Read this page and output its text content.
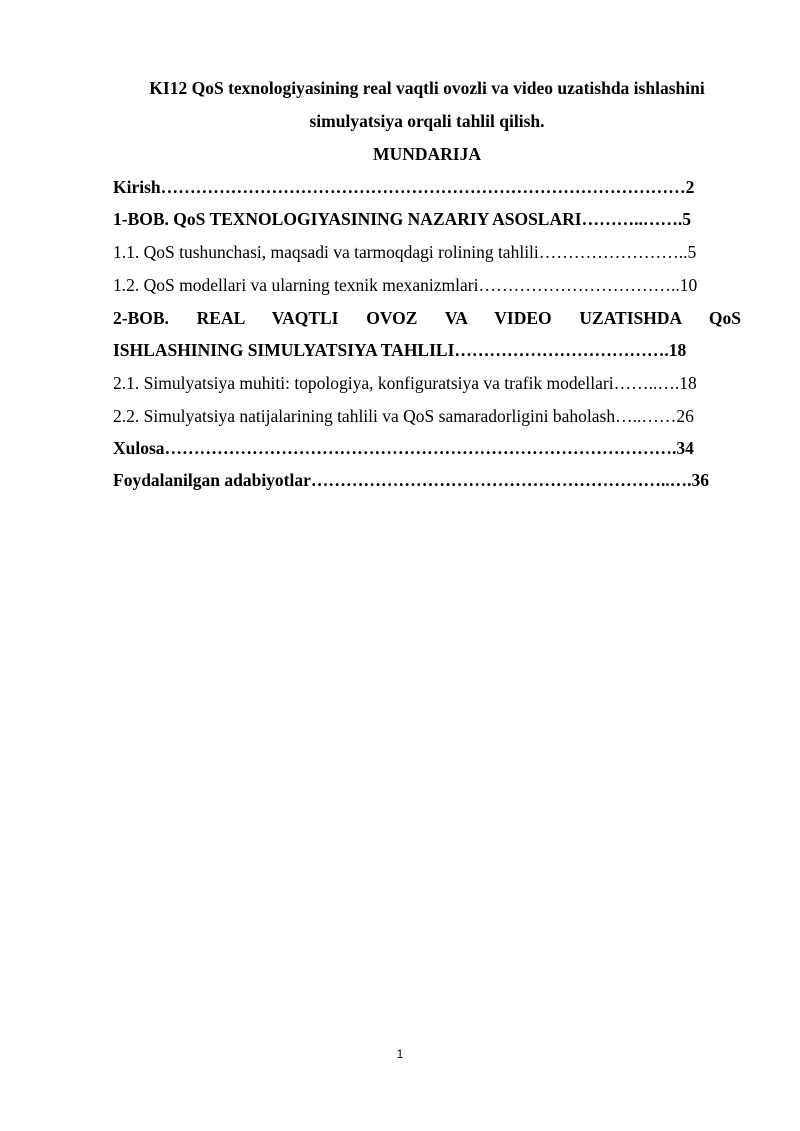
KI12 QoS texnologiyasining real vaqtli ovozli va video uzatishda ishlashini
simulyatsiya orqali tahlil qilish.
MUNDARIJA
Kirish………………………………………………………………………………2
1-BOB. QoS TEXNOLOGIYASINING NAZARIY ASOSLARI………..…….5
1.1. QoS tushunchasi, maqsadi va tarmoqdagi rolining tahlili……………………..5
1.2. QoS modellari va ularning texnik mexanizmlari……………………………..10
2-BOB. REAL VAQTLI OVOZ VA VIDEO UZATISHDA QoS
ISHLASHINING SIMULYATSIYA TAHLILI……………………………….18
2.1. Simulyatsiya muhiti: topologiya, konfiguratsiya va trafik modellari……..….18
2.2. Simulyatsiya natijalarining tahlili va QoS samaradorligini baholash…..……26
Xulosa…………………………………………………………………………….34
Foydalanilgan adabiyotlar……………………………………………………..….36
1
